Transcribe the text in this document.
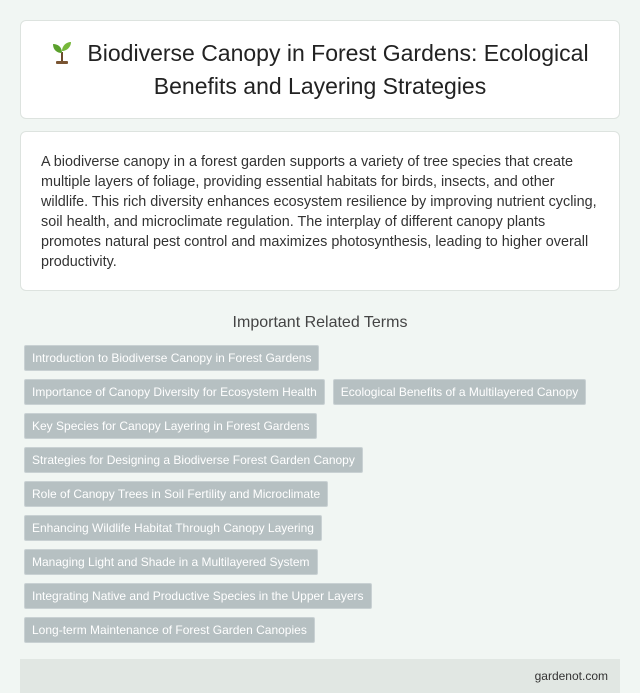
Biodiverse Canopy in Forest Gardens: Ecological Benefits and Layering Strategies

A biodiverse canopy in a forest garden supports a variety of tree species that create multiple layers of foliage, providing essential habitats for birds, insects, and other wildlife. This rich diversity enhances ecosystem resilience by improving nutrient cycling, soil health, and microclimate regulation. The interplay of different canopy plants promotes natural pest control and maximizes photosynthesis, leading to higher overall productivity.

Important Related Terms
Introduction to Biodiverse Canopy in Forest Gardens
Importance of Canopy Diversity for Ecosystem Health	Ecological Benefits of a Multilayered Canopy
Key Species for Canopy Layering in Forest Gardens
Strategies for Designing a Biodiverse Forest Garden Canopy
Role of Canopy Trees in Soil Fertility and Microclimate
Enhancing Wildlife Habitat Through Canopy Layering
Managing Light and Shade in a Multilayered System
Integrating Native and Productive Species in the Upper Layers
Long-term Maintenance of Forest Garden Canopies
gardenot.com
